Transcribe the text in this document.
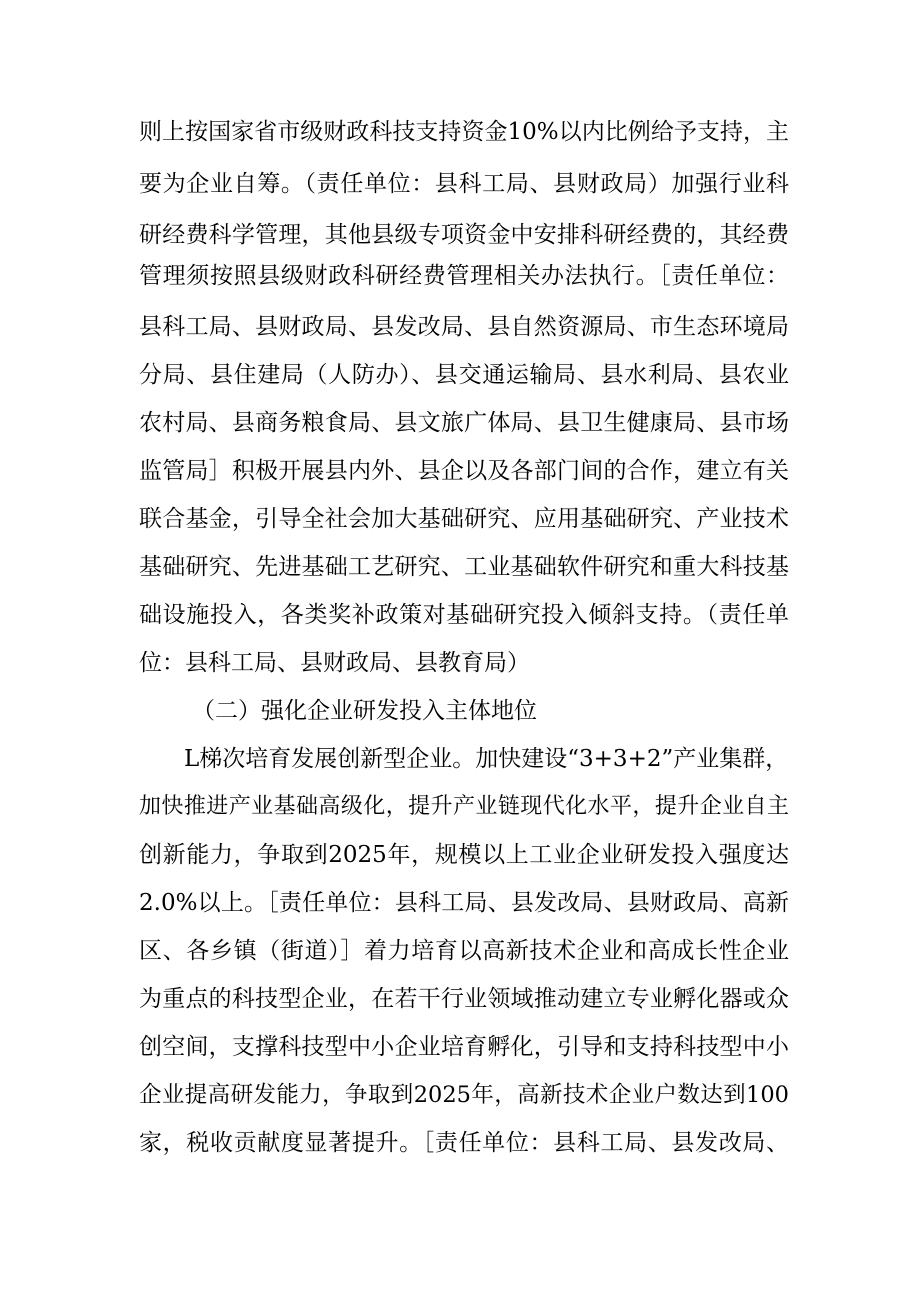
则上按国家省市级财政科技支持资金10%以内比例给予支持，主
要为企业自筹。（责任单位：县科工局、县财政局）加强行业科
研经费科学管理，其他县级专项资金中安排科研经费的，其经费
管理须按照县级财政科研经费管理相关办法执行。［责任单位：
县科工局、县财政局、县发改局、县自然资源局、市生态环境局
分局、县住建局（人防办）、县交通运输局、县水利局、县农业
农村局、县商务粮食局、县文旅广体局、县卫生健康局、县市场
监管局］积极开展县内外、县企以及各部门间的合作，建立有关
联合基金，引导全社会加大基础研究、应用基础研究、产业技术
基础研究、先进基础工艺研究、工业基础软件研究和重大科技基
础设施投入，各类奖补政策对基础研究投入倾斜支持。（责任单
位：县科工局、县财政局、县教育局）
（二）强化企业研发投入主体地位
L梯次培育发展创新型企业。加快建设“3+3+2”产业集群，
加快推进产业基础高级化，提升产业链现代化水平，提升企业自主
创新能力，争取到2025年，规模以上工业企业研发投入强度达
2.0%以上。［责任单位：县科工局、县发改局、县财政局、高新
区、各乡镇（街道）］着力培育以高新技术企业和高成长性企业
为重点的科技型企业，在若干行业领域推动建立专业孵化器或众
创空间，支撑科技型中小企业培育孵化，引导和支持科技型中小
企业提高研发能力，争取到2025年，高新技术企业户数达到100
家，税收贡献度显著提升。［责任单位：县科工局、县发改局、
